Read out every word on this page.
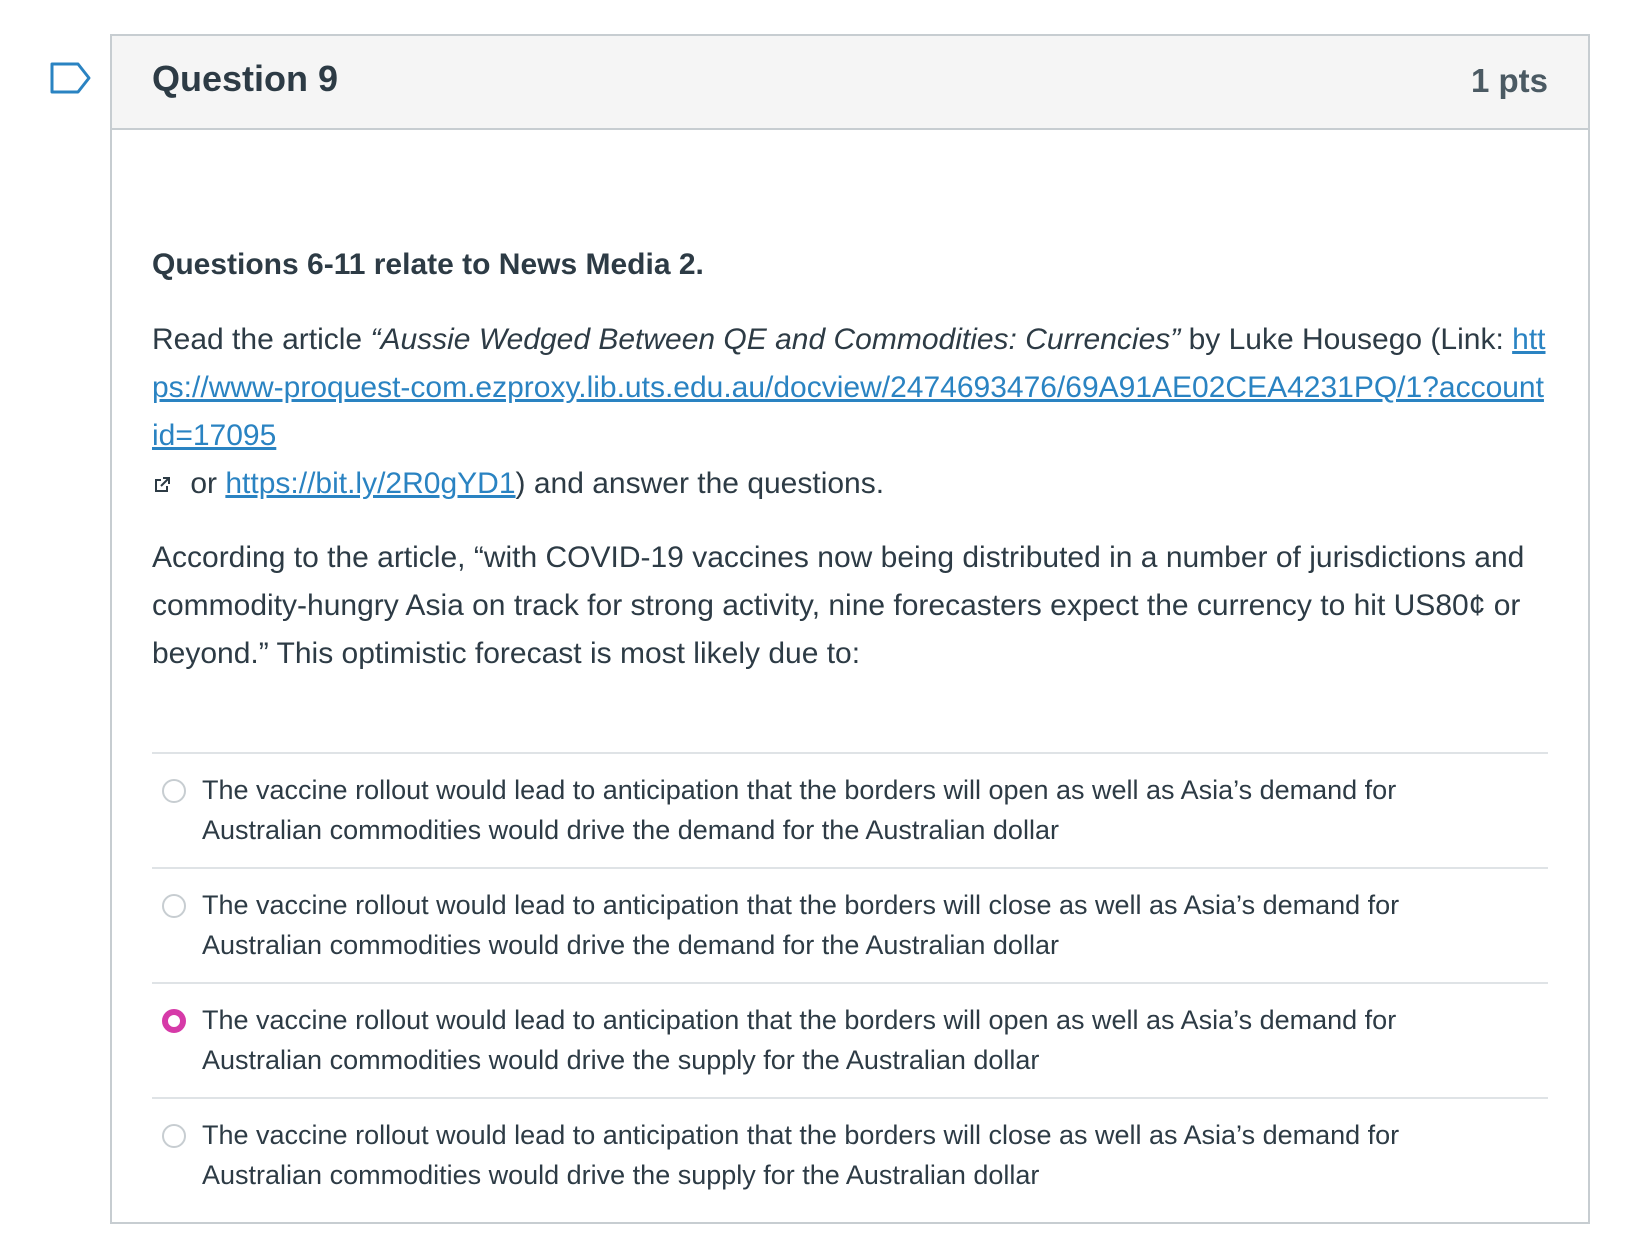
Question 9	1 pts
Questions 6-11 relate to News Media 2.
Read the article “Aussie Wedged Between QE and Commodities: Currencies” by Luke Housego (Link: https://www-proquest-com.ezproxy.lib.uts.edu.au/docview/2474693476/69A91AE02CEA4231PQ/1?accountid=17095
or https://bit.ly/2R0gYD1) and answer the questions.
According to the article, “with COVID-19 vaccines now being distributed in a number of jurisdictions and commodity-hungry Asia on track for strong activity, nine forecasters expect the currency to hit US80¢ or beyond.” This optimistic forecast is most likely due to:
The vaccine rollout would lead to anticipation that the borders will open as well as Asia’s demand for Australian commodities would drive the demand for the Australian dollar
The vaccine rollout would lead to anticipation that the borders will close as well as Asia’s demand for Australian commodities would drive the demand for the Australian dollar
The vaccine rollout would lead to anticipation that the borders will open as well as Asia’s demand for Australian commodities would drive the supply for the Australian dollar
The vaccine rollout would lead to anticipation that the borders will close as well as Asia’s demand for Australian commodities would drive the supply for the Australian dollar
